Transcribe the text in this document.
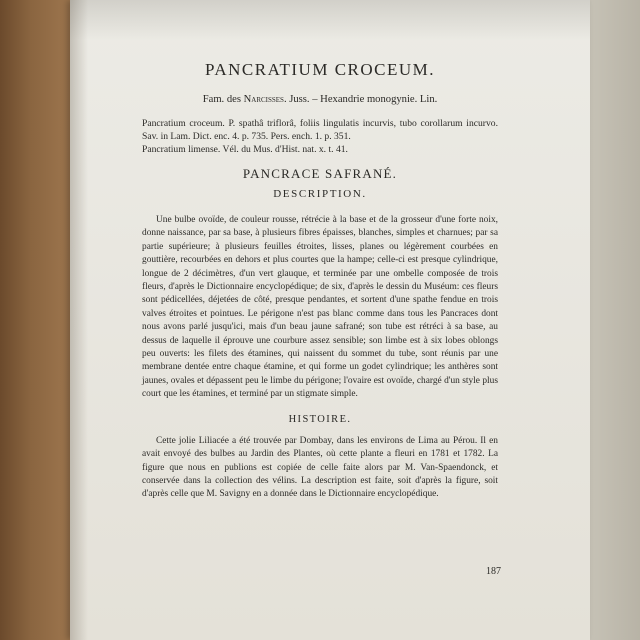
PANCRATIUM CROCEUM.

Fam. des Narcisses. Juss. – Hexandrie monogynie. Lin.

Pancratium croceum. P. spathâ triflorâ, foliis lingulatis incurvis, tubo corollarum incurvo. Sav. in Lam. Dict. enc. 4. p. 735. Pers. ench. 1. p. 351.

Pancratium limense. Vél. du Mus. d'Hist. nat. x. t. 41.

PANCRACE SAFRANÉ.
DESCRIPTION.

Une bulbe ovoïde, de couleur rousse, rétrécie à la base et de la grosseur d'une forte noix, donne naissance, par sa base, à plusieurs fibres épaisses, blanches, simples et charnues; par sa partie supérieure; à plusieurs feuilles étroites, lisses, planes ou légèrement courbées en gouttière, recourbées en dehors et plus courtes que la hampe; celle-ci est presque cylindrique, longue de 2 décimètres, d'un vert glauque, et terminée par une ombelle composée de trois fleurs, d'après le Dictionnaire encyclopédique; de six, d'après le dessin du Muséum: ces fleurs sont pédicellées, déjetées de côté, presque pendantes, et sortent d'une spathe fendue en trois valves étroites et pointues. Le périgone n'est pas blanc comme dans tous les Pancraces dont nous avons parlé jusqu'ici, mais d'un beau jaune safrané; son tube est rétréci à sa base, au dessus de laquelle il éprouve une courbure assez sensible; son limbe est à six lobes oblongs peu ouverts: les filets des étamines, qui naissent du sommet du tube, sont réunis par une membrane dentée entre chaque étamine, et qui forme un godet cylindrique; les anthères sont jaunes, ovales et dépassent peu le limbe du périgone; l'ovaire est ovoïde, chargé d'un style plus court que les étamines, et terminé par un stigmate simple.

HISTOIRE.

Cette jolie Liliacée a été trouvée par Dombay, dans les environs de Lima au Pérou. Il en avait envoyé des bulbes au Jardin des Plantes, où cette plante a fleuri en 1781 et 1782. La figure que nous en publions est copiée de celle faite alors par M. Van-Spaendonck, et conservée dans la collection des vélins. La description est faite, soit d'après la figure, soit d'après celle que M. Savigny en a donnée dans le Dictionnaire encyclopédique.

187
